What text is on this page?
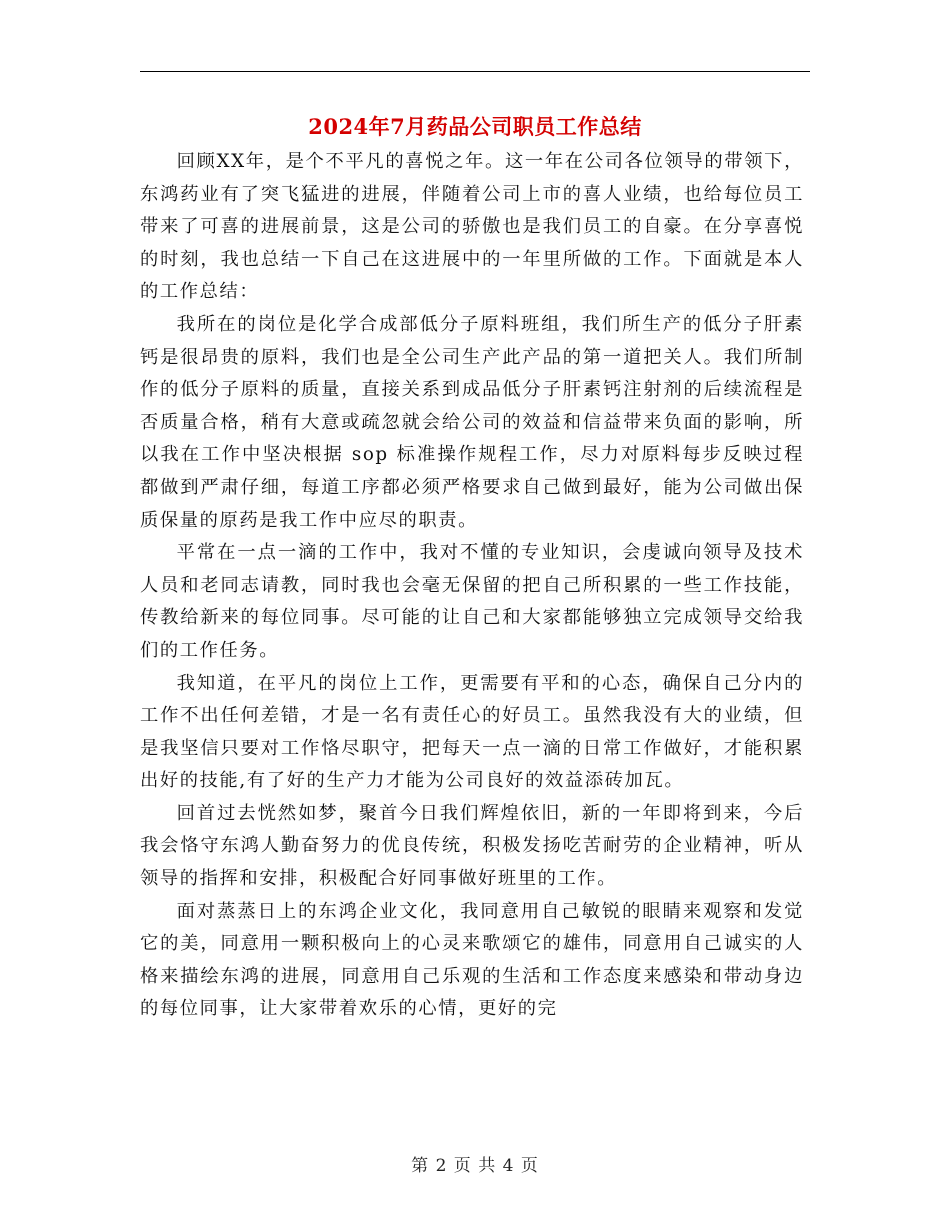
2024年7月药品公司职员工作总结

回顾XX年，是个不平凡的喜悦之年。这一年在公司各位领导的带领下，东鸿药业有了突飞猛进的进展，伴随着公司上市的喜人业绩，也给每位员工带来了可喜的进展前景，这是公司的骄傲也是我们员工的自豪。在分享喜悦的时刻，我也总结一下自己在这进展中的一年里所做的工作。下面就是本人的工作总结：

我所在的岗位是化学合成部低分子原料班组，我们所生产的低分子肝素钙是很昂贵的原料，我们也是全公司生产此产品的第一道把关人。我们所制作的低分子原料的质量，直接关系到成品低分子肝素钙注射剂的后续流程是否质量合格，稍有大意或疏忽就会给公司的效益和信益带来负面的影响，所以我在工作中坚决根据 sop 标准操作规程工作，尽力对原料每步反映过程都做到严肃仔细，每道工序都必须严格要求自己做到最好，能为公司做出保质保量的原药是我工作中应尽的职责。

平常在一点一滴的工作中，我对不懂的专业知识，会虔诚向领导及技术人员和老同志请教，同时我也会毫无保留的把自己所积累的一些工作技能，传教给新来的每位同事。尽可能的让自己和大家都能够独立完成领导交给我们的工作任务。

我知道，在平凡的岗位上工作，更需要有平和的心态，确保自己分内的工作不出任何差错，才是一名有责任心的好员工。虽然我没有大的业绩，但是我坚信只要对工作恪尽职守，把每天一点一滴的日常工作做好，才能积累出好的技能,有了好的生产力才能为公司良好的效益添砖加瓦。

回首过去恍然如梦，聚首今日我们辉煌依旧，新的一年即将到来，今后我会恪守东鸿人勤奋努力的优良传统，积极发扬吃苦耐劳的企业精神，听从领导的指挥和安排，积极配合好同事做好班里的工作。

面对蒸蒸日上的东鸿企业文化，我同意用自己敏锐的眼睛来观察和发觉它的美，同意用一颗积极向上的心灵来歌颂它的雄伟，同意用自己诚实的人格来描绘东鸿的进展，同意用自己乐观的生活和工作态度来感染和带动身边的每位同事，让大家带着欢乐的心情，更好的完

第 2 页 共 4 页
